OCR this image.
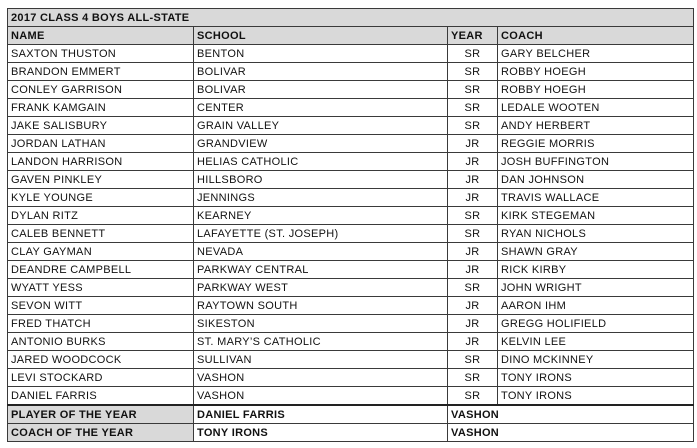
2017 CLASS 4 BOYS ALL-STATE			
NAME	SCHOOL	YEAR	COACH
SAXTON THUSTON	BENTON	SR	GARY BELCHER
BRANDON EMMERT	BOLIVAR	SR	ROBBY HOEGH
CONLEY GARRISON	BOLIVAR	SR	ROBBY HOEGH
FRANK KAMGAIN	CENTER	SR	LEDALE WOOTEN
JAKE SALISBURY	GRAIN VALLEY	SR	ANDY HERBERT
JORDAN LATHAN	GRANDVIEW	JR	REGGIE MORRIS
LANDON HARRISON	HELIAS CATHOLIC	JR	JOSH BUFFINGTON
GAVEN PINKLEY	HILLSBORO	JR	DAN JOHNSON
KYLE YOUNGE	JENNINGS	JR	TRAVIS WALLACE
DYLAN RITZ	KEARNEY	SR	KIRK STEGEMAN
CALEB BENNETT	LAFAYETTE (ST. JOSEPH)	SR	RYAN NICHOLS
CLAY GAYMAN	NEVADA	JR	SHAWN GRAY
DEANDRE CAMPBELL	PARKWAY CENTRAL	JR	RICK KIRBY
WYATT YESS	PARKWAY WEST	SR	JOHN WRIGHT
SEVON WITT	RAYTOWN SOUTH	JR	AARON IHM
FRED THATCH	SIKESTON	JR	GREGG HOLIFIELD
ANTONIO BURKS	ST. MARY’S CATHOLIC	JR	KELVIN LEE
JARED WOODCOCK	SULLIVAN	SR	DINO MCKINNEY
LEVI STOCKARD	VASHON	SR	TONY IRONS
DANIEL FARRIS	VASHON	SR	TONY IRONS
PLAYER OF THE YEAR	DANIEL FARRIS	VASHON	
COACH OF THE YEAR	TONY IRONS	VASHON	
